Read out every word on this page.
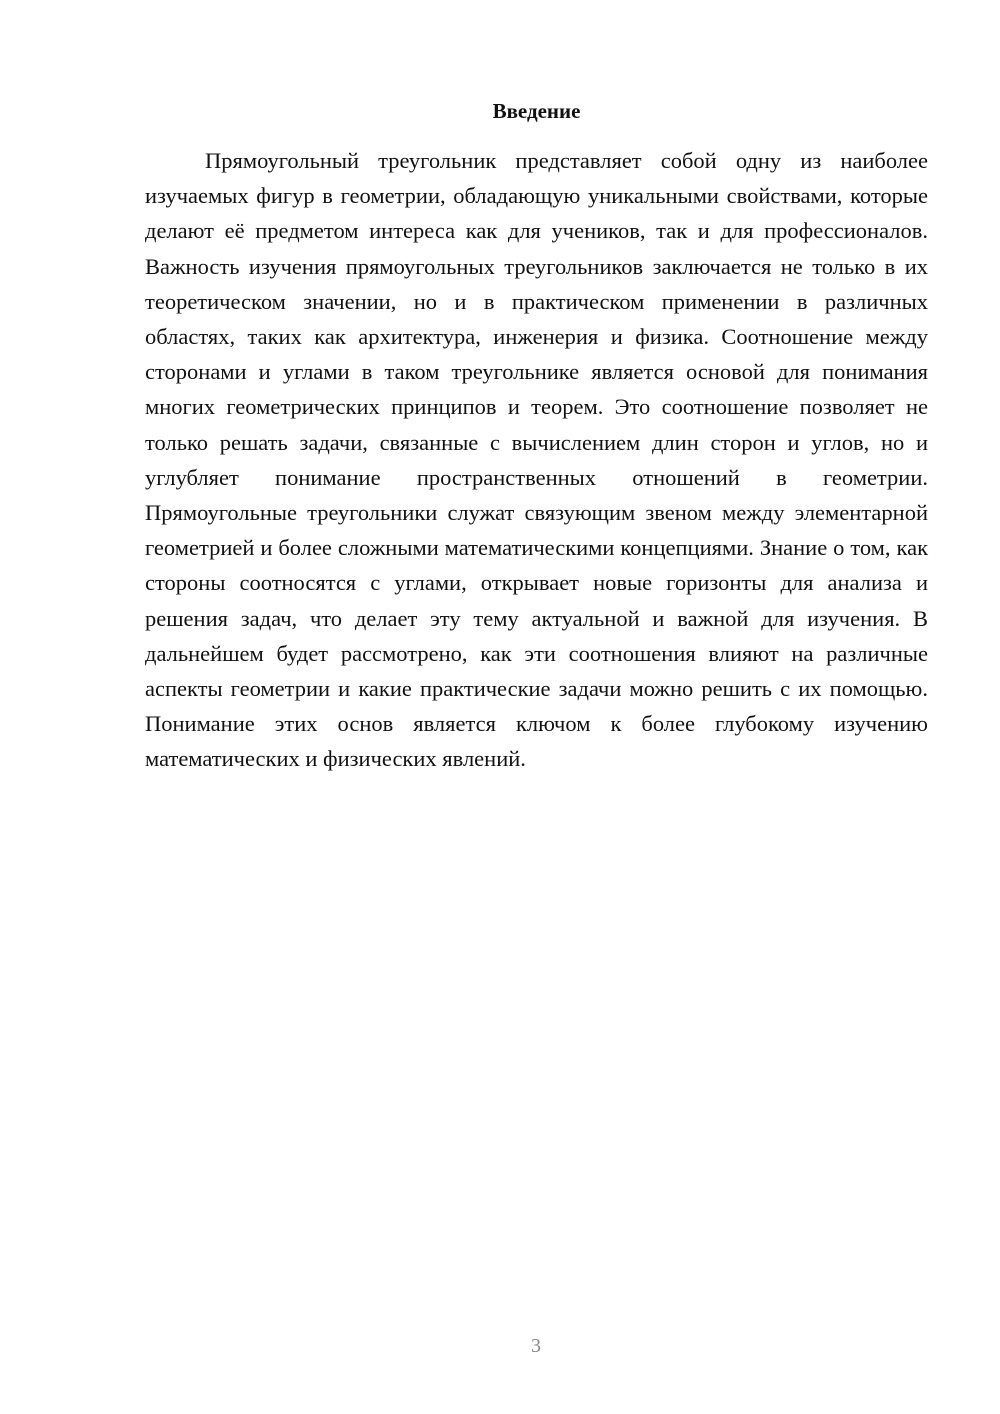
Введение

Прямоугольный треугольник представляет собой одну из наиболее изучаемых фигур в геометрии, обладающую уникальными свойствами, которые делают её предметом интереса как для учеников, так и для профессионалов. Важность изучения прямоугольных треугольников заключается не только в их теоретическом значении, но и в практическом применении в различных областях, таких как архитектура, инженерия и физика. Соотношение между сторонами и углами в таком треугольнике является основой для понимания многих геометрических принципов и теорем. Это соотношение позволяет не только решать задачи, связанные с вычислением длин сторон и углов, но и углубляет понимание пространственных отношений в геометрии. Прямоугольные треугольники служат связующим звеном между элементарной геометрией и более сложными математическими концепциями. Знание о том, как стороны соотносятся с углами, открывает новые горизонты для анализа и решения задач, что делает эту тему актуальной и важной для изучения. В дальнейшем будет рассмотрено, как эти соотношения влияют на различные аспекты геометрии и какие практические задачи можно решить с их помощью. Понимание этих основ является ключом к более глубокому изучению математических и физических явлений.

3
